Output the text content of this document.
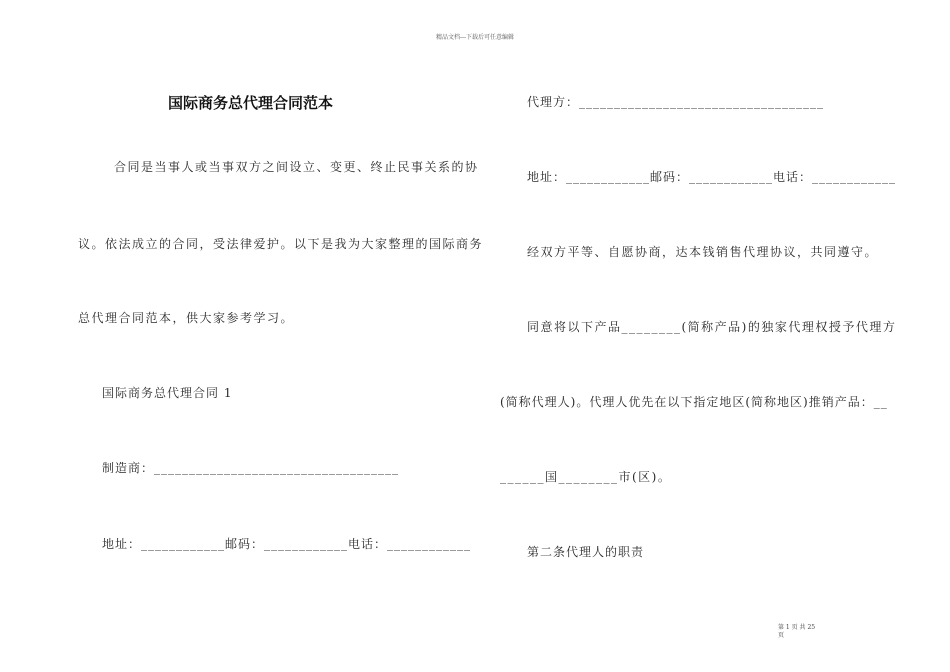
精品文档---下载后可任意编辑
国际商务总代理合同范本
合同是当事人或当事双方之间设立、变更、终止民事关系的协
议。依法成立的合同，受法律爱护。以下是我为大家整理的国际商务
总代理合同范本，供大家参考学习。
国际商务总代理合同 1
制造商：___________________________________
地址：____________邮码：____________电话：____________
代理方：___________________________________
地址：____________邮码：____________电话：____________
经双方平等、自愿协商，达本钱销售代理协议，共同遵守。
同意将以下产品________(简称产品)的独家代理权授予代理方
(简称代理人)。代理人优先在以下指定地区(简称地区)推销产品：__
______国________市(区)。
第二条代理人的职责
第 1 页 共 25
页
